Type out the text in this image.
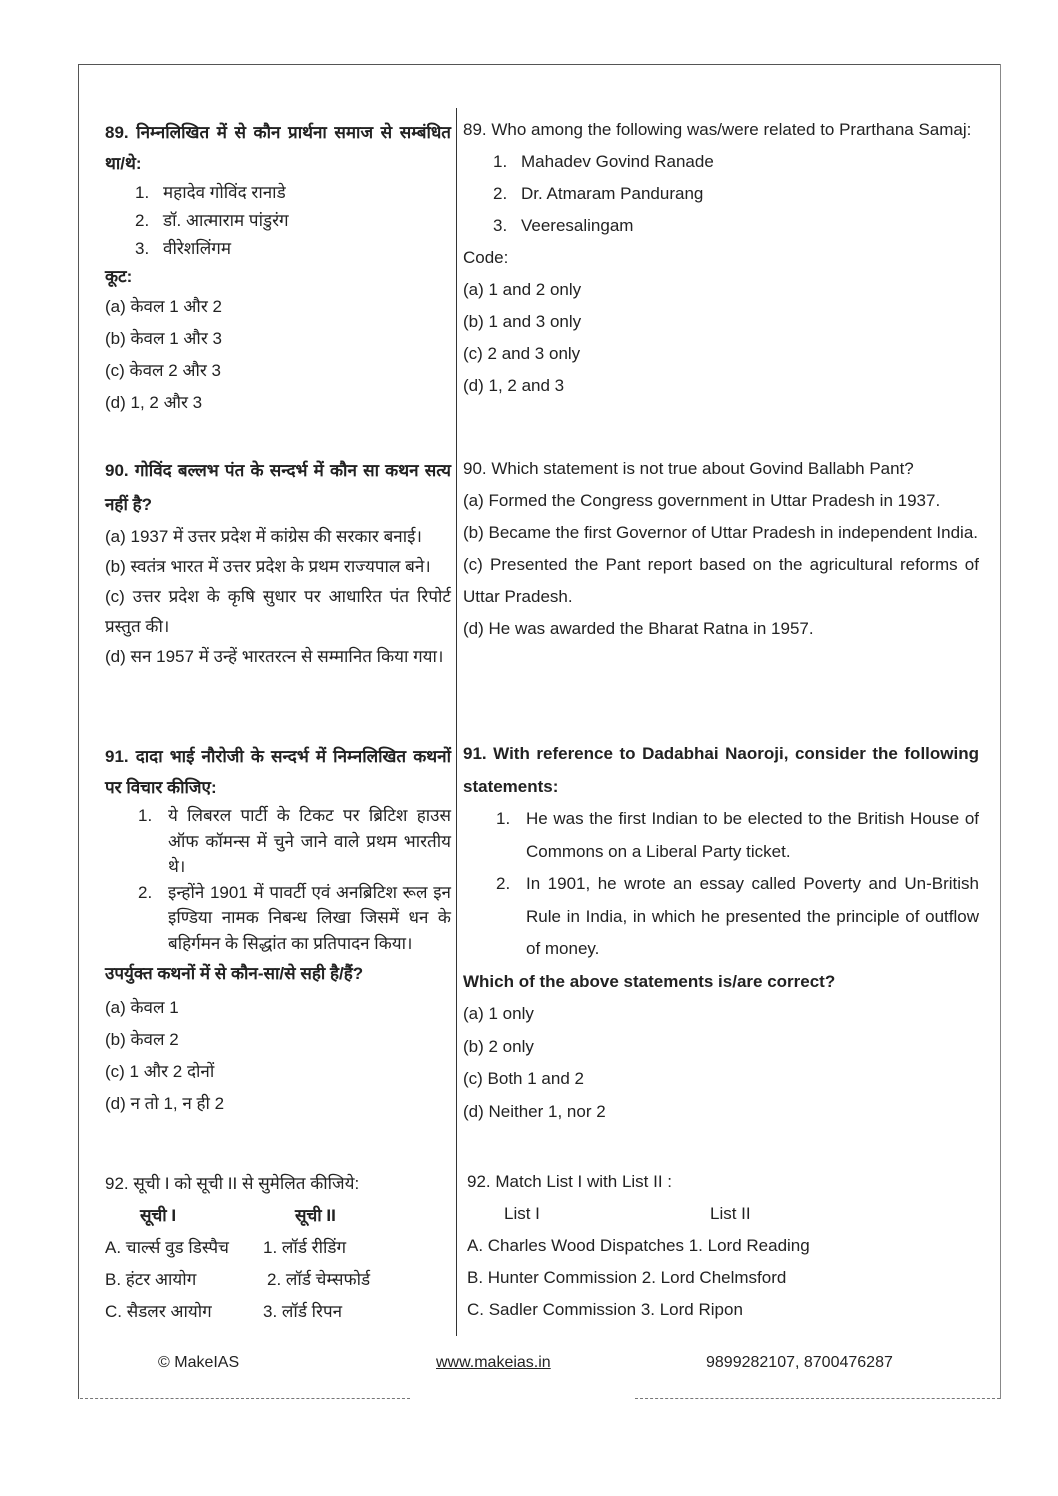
89. निम्नलिखित में से कौन प्रार्थना समाज से सम्बंधित था/थे:
1. महादेव गोविंद रानाडे
2. डॉ. आत्माराम पांडुरंग
3. वीरेशलिंगम
कूट:
(a) केवल 1 और 2
(b) केवल 1 और 3
(c) केवल 2 और 3
(d) 1, 2 और 3
89. Who among the following was/were related to Prarthana Samaj:
1. Mahadev Govind Ranade
2. Dr. Atmaram Pandurang
3. Veeresalingam
Code:
(a) 1 and 2 only
(b) 1 and 3 only
(c) 2 and 3 only
(d) 1, 2 and 3
90. गोविंद बल्लभ पंत के सन्दर्भ में कौन सा कथन सत्य नहीं है?
(a) 1937 में उत्तर प्रदेश में कांग्रेस की सरकार बनाई।
(b) स्वतंत्र भारत में उत्तर प्रदेश के प्रथम राज्यपाल बने।
(c) उत्तर प्रदेश के कृषि सुधार पर आधारित पंत रिपोर्ट प्रस्तुत की।
(d) सन 1957 में उन्हें भारतरत्न से सम्मानित किया गया।
90. Which statement is not true about Govind Ballabh Pant?
(a) Formed the Congress government in Uttar Pradesh in 1937.
(b) Became the first Governor of Uttar Pradesh in independent India.
(c) Presented the Pant report based on the agricultural reforms of Uttar Pradesh.
(d) He was awarded the Bharat Ratna in 1957.
91. दादा भाई नौरोजी के सन्दर्भ में निम्नलिखित कथनों पर विचार कीजिए:
1. ये लिबरल पार्टी के टिकट पर ब्रिटिश हाउस ऑफ कॉमन्स में चुने जाने वाले प्रथम भारतीय थे।
2. इन्होंने 1901 में पावर्टी एवं अनब्रिटिश रूल इन इण्डिया नामक निबन्ध लिखा जिसमें धन के बहिर्गमन के सिद्धांत का प्रतिपादन किया।
उपर्युक्त कथनों में से कौन-सा/से सही है/हैं?
(a) केवल 1
(b) केवल 2
(c) 1 और 2 दोनों
(d) न तो 1, न ही 2
91. With reference to Dadabhai Naoroji, consider the following statements:
1. He was the first Indian to be elected to the British House of Commons on a Liberal Party ticket.
2. In 1901, he wrote an essay called Poverty and Un-British Rule in India, in which he presented the principle of outflow of money.
Which of the above statements is/are correct?
(a) 1 only
(b) 2 only
(c) Both 1 and 2
(d) Neither 1, nor 2
92. सूची I को सूची II से सुमेलित कीजिये:
सूची I	सूची II
A. चार्ल्स वुड डिस्पैच	1. लॉर्ड रीडिंग
B. हंटर आयोग	2. लॉर्ड चेम्सफोर्ड
C. सैडलर आयोग	3. लॉर्ड रिपन
92. Match List I with List II :
List I	List II
A. Charles Wood Dispatches 1. Lord Reading
B. Hunter Commission 2. Lord Chelmsford
C. Sadler Commission 3. Lord Ripon
© MakeIAS	www.makeias.in	9899282107, 8700476287
